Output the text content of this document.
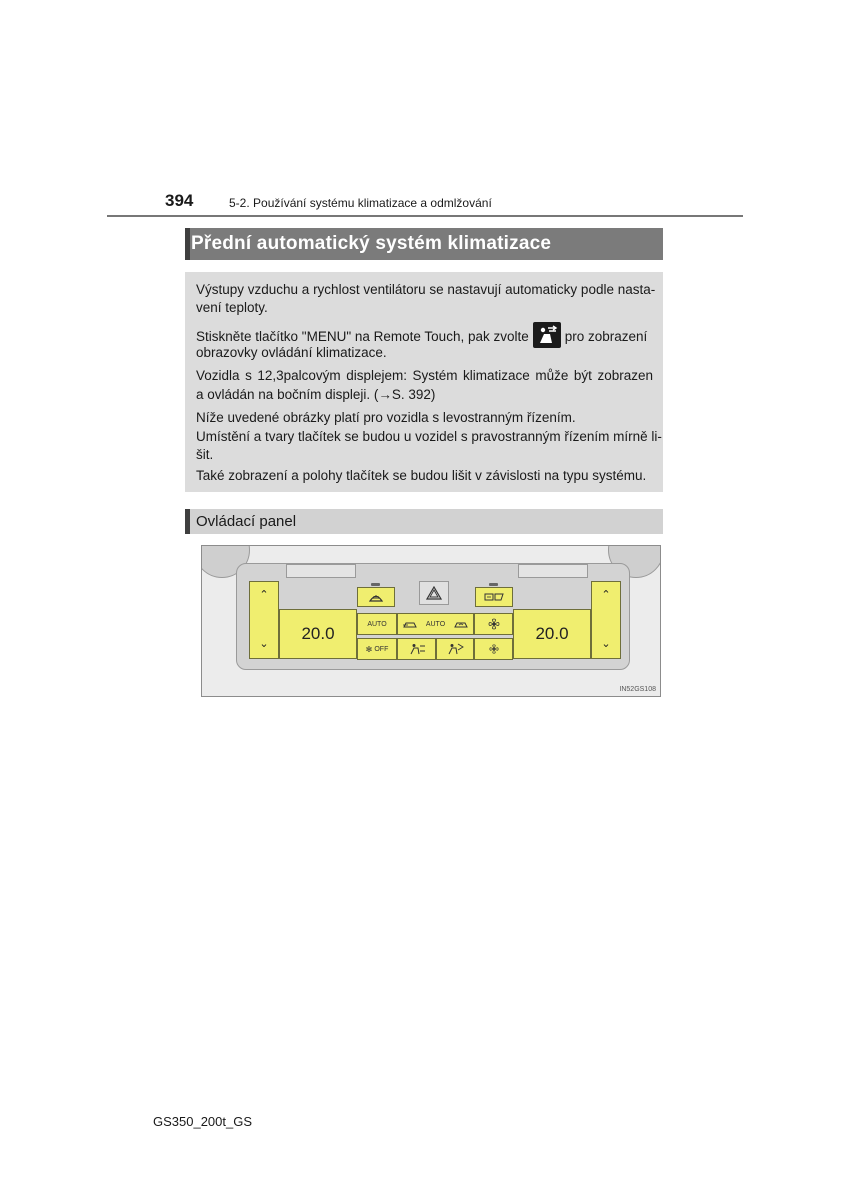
394	5-2. Používání systému klimatizace a odmlžování
Přední automatický systém klimatizace
Výstupy vzduchu a rychlost ventilátoru se nastavují automaticky podle nasta-
vení teploty.
Stiskněte tlačítko "MENU" na Remote Touch, pak zvolte	pro zobrazení
obrazovky ovládání klimatizace.
Vozidla s 12,3palcovým displejem: Systém klimatizace může být zobrazen
a ovládán na bočním displeji. (→S. 392)
Níže uvedené obrázky platí pro vozidla s levostranným řízením.
Umístění a tvary tlačítek se budou u vozidel s pravostranným řízením mírně li-
šit.
Také zobrazení a polohy tlačítek se budou lišit v závislosti na typu systému.
Ovládací panel
⌃
⌄
20.0	AUTO	AUTO
✻ OFF
20.0
⌃
⌄
IN52GS108
GS350_200t_GS
